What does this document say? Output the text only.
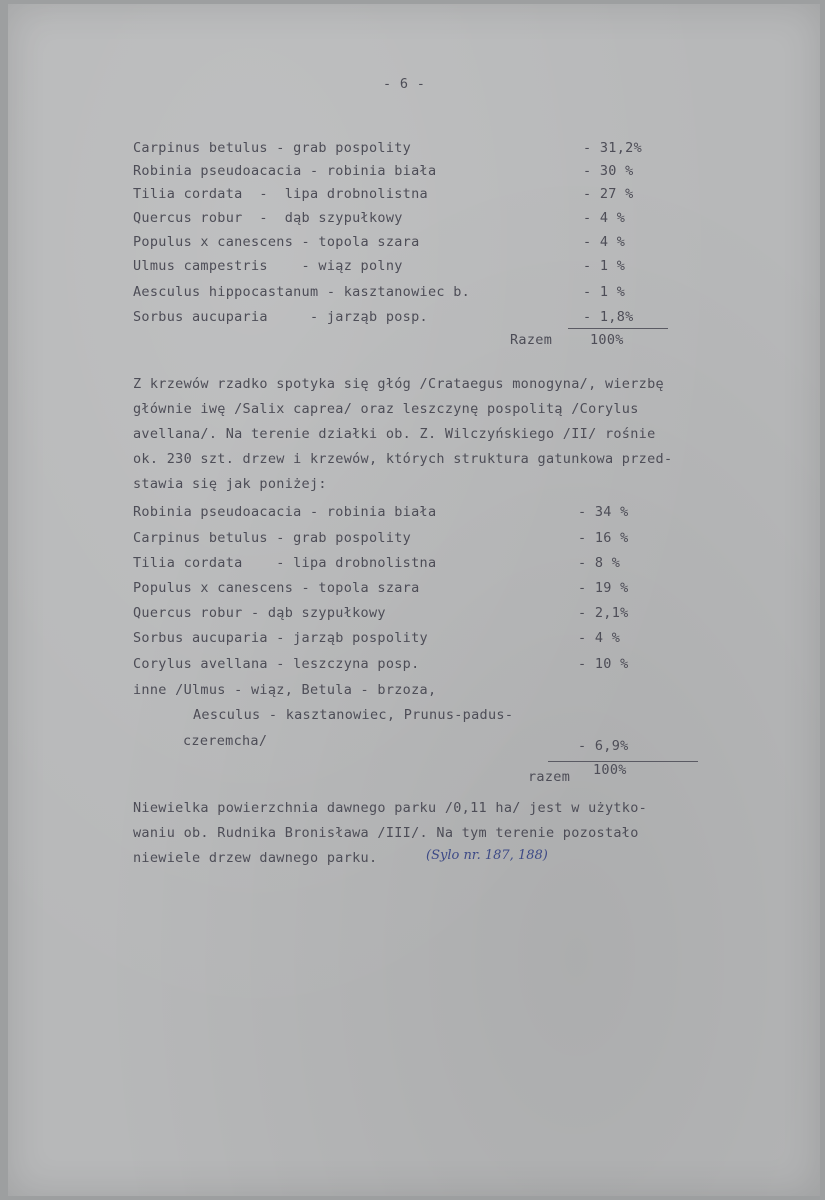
- 6 -
Carpinus betulus - grab pospolity	- 31,2%
Robinia pseudoacacia - robinia biała	- 30 %
Tilia cordata  -  lipa drobnolistna	- 27 %
Quercus robur  -  dąb szypułkowy	- 4 %
Populus x canescens - topola szara	- 4 %
Ulmus campestris    - wiąz polny	- 1 %
Aesculus hippocastanum - kasztanowiec b.	- 1 %
Sorbus aucuparia     - jarząb posp.	- 1,8%
Razem	100%
Z krzewów rzadko spotyka się głóg /Crataegus monogyna/, wierzbę
głównie iwę /Salix caprea/ oraz leszczynę pospolitą /Corylus
avellana/. Na terenie działki ob. Z. Wilczyńskiego /II/ rośnie
ok. 230 szt. drzew i krzewów, których struktura gatunkowa przed-
stawia się jak poniżej:
Robinia pseudoacacia - robinia biała	- 34 %
Carpinus betulus - grab pospolity	- 16 %
Tilia cordata    - lipa drobnolistna	- 8 %
Populus x canescens - topola szara	- 19 %
Quercus robur - dąb szypułkowy	- 2,1%
Sorbus aucuparia - jarząb pospolity	- 4 %
Corylus avellana - leszczyna posp.	- 10 %
inne /Ulmus - wiąz, Betula - brzoza,
Aesculus - kasztanowiec, Prunus-padus-
czeremcha/	- 6,9%
razem 100%
Niewielka powierzchnia dawnego parku /0,11 ha/ jest w użytko-
waniu ob. Rudnika Bronisława /III/. Na tym terenie pozostało
niewiele drzew dawnego parku.	(Sylo nr. 187, 188)
